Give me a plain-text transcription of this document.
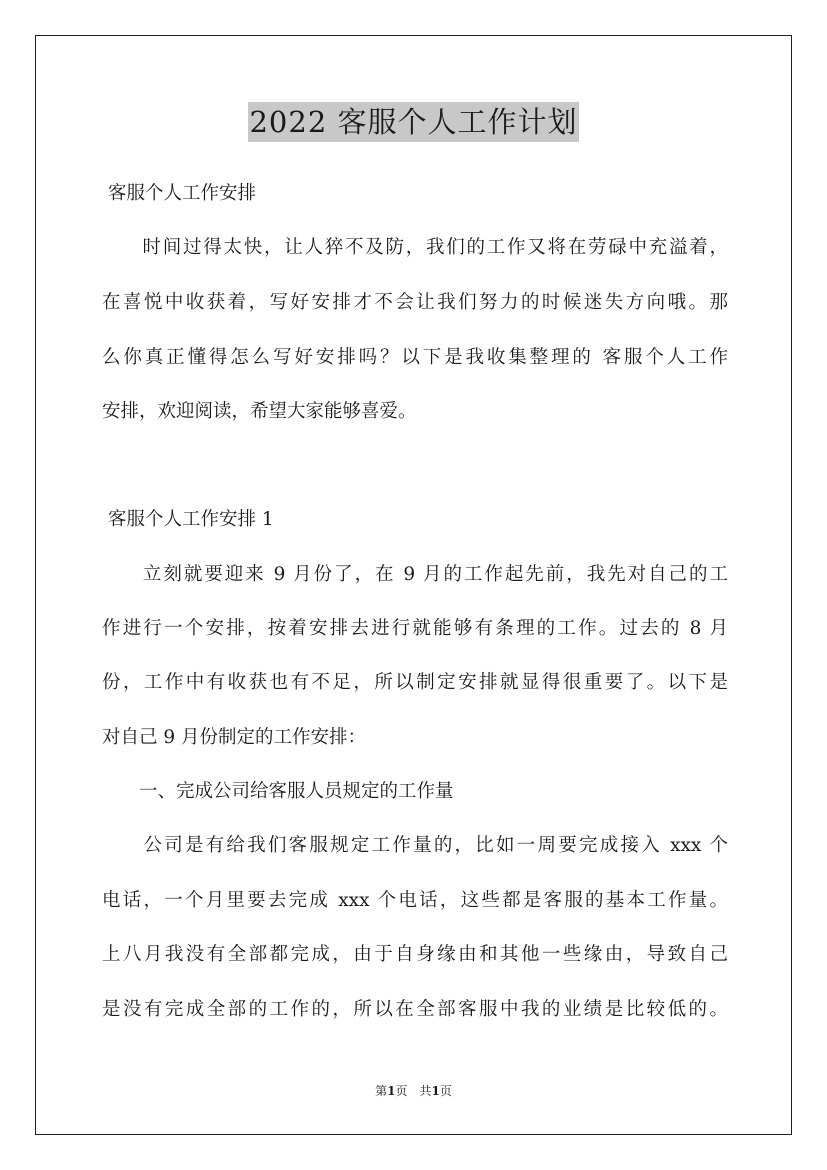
2022 客服个人工作计划
客服个人工作安排
　　时间过得太快，让人猝不及防，我们的工作又将在劳碌中充溢着，
在喜悦中收获着，写好安排才不会让我们努力的时候迷失方向哦。那
么你真正懂得怎么写好安排吗？以下是我收集整理的 客服个人工作
安排，欢迎阅读，希望大家能够喜爱。
客服个人工作安排 1
　　立刻就要迎来 9 月份了，在 9 月的工作起先前，我先对自己的工
作进行一个安排，按着安排去进行就能够有条理的工作。过去的 8 月
份，工作中有收获也有不足，所以制定安排就显得很重要了。以下是
对自己 9 月份制定的工作安排：
　　一、完成公司给客服人员规定的工作量
　　公司是有给我们客服规定工作量的，比如一周要完成接入 xxx 个
电话，一个月里要去完成 xxx 个电话，这些都是客服的基本工作量。
上八月我没有全部都完成，由于自身缘由和其他一些缘由，导致自己
是没有完成全部的工作的，所以在全部客服中我的业绩是比较低的。
第1页　共1页
